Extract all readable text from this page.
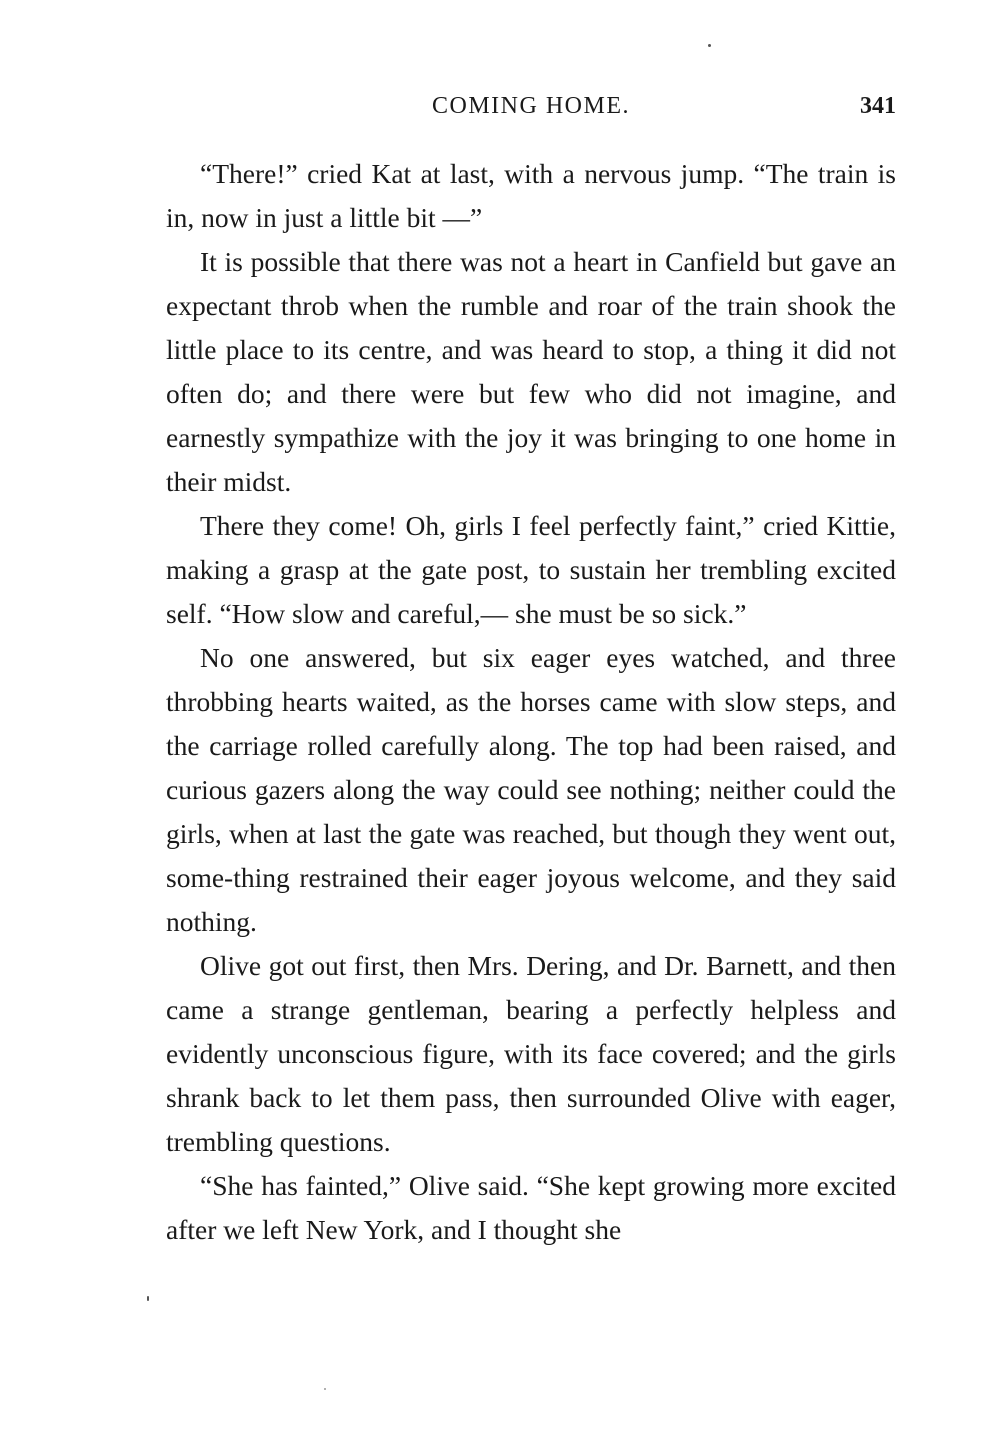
COMING HOME.	341

“There!” cried Kat at last, with a nervous jump. “The train is in, now in just a little bit —”

It is possible that there was not a heart in Canfield but gave an expectant throb when the rumble and roar of the train shook the little place to its centre, and was heard to stop, a thing it did not often do; and there were but few who did not imagine, and earnestly sympathize with the joy it was bringing to one home in their midst.

There they come! Oh, girls I feel perfectly faint,” cried Kittie, making a grasp at the gate post, to sustain her trembling excited self. “How slow and careful,— she must be so sick.”

No one answered, but six eager eyes watched, and three throbbing hearts waited, as the horses came with slow steps, and the carriage rolled carefully along. The top had been raised, and curious gazers along the way could see nothing; neither could the girls, when at last the gate was reached, but though they went out, some-thing restrained their eager joyous welcome, and they said nothing.

Olive got out first, then Mrs. Dering, and Dr. Barnett, and then came a strange gentleman, bearing a perfectly helpless and evidently unconscious figure, with its face covered; and the girls shrank back to let them pass, then surrounded Olive with eager, trembling questions.

“She has fainted,” Olive said. “She kept growing more excited after we left New York, and I thought she
